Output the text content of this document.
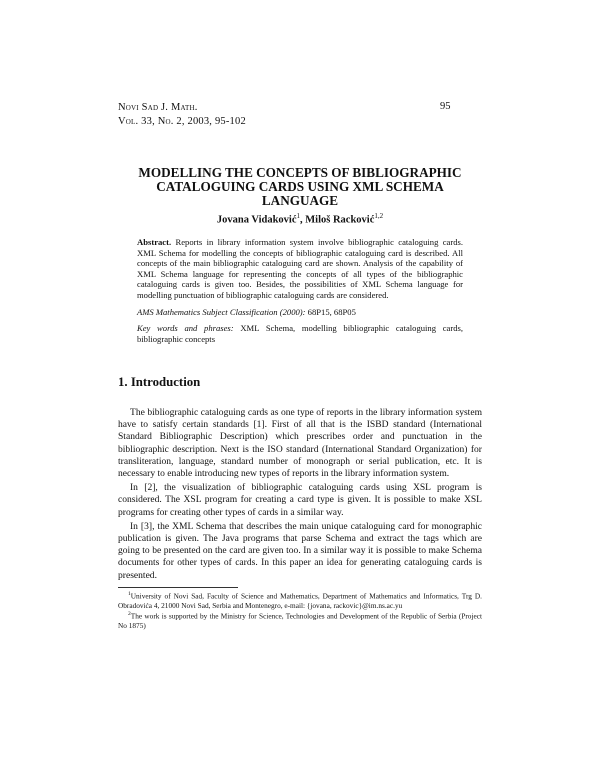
Novi Sad J. Math.
Vol. 33, No. 2, 2003, 95-102
95
MODELLING THE CONCEPTS OF BIBLIOGRAPHIC CATALOGUING CARDS USING XML SCHEMA LANGUAGE
Jovana Vidaković$^1$, Miloš Racković$^{1,2}$

Abstract. Reports in library information system involve bibliographic cataloguing cards. XML Schema for modelling the concepts of bibliographic cataloguing card is described. All concepts of the main bibliographic cataloguing card are shown. Analysis of the capability of XML Schema language for representing the concepts of all types of the bibliographic cataloguing cards is given too. Besides, the possibilities of XML Schema language for modelling punctuation of bibliographic cataloguing cards are considered.

AMS Mathematics Subject Classification (2000): 68P15, 68P05

Key words and phrases: XML Schema, modelling bibliographic cataloguing cards, bibliographic concepts

1. Introduction

The bibliographic cataloguing cards as one type of reports in the library information system have to satisfy certain standards [1]. First of all that is the ISBD standard (International Standard Bibliographic Description) which prescribes order and punctuation in the bibliographic description. Next is the ISO standard (International Standard Organization) for transliteration, language, standard number of monograph or serial publication, etc. It is necessary to enable introducing new types of reports in the library information system.

In [2], the visualization of bibliographic cataloguing cards using XSL program is considered. The XSL program for creating a card type is given. It is possible to make XSL programs for creating other types of cards in a similar way.

In [3], the XML Schema that describes the main unique cataloguing card for monographic publication is given. The Java programs that parse Schema and extract the tags which are going to be presented on the card are given too. In a similar way it is possible to make Schema documents for other types of cards. In this paper an idea for generating cataloguing cards is presented.

$^1$University of Novi Sad, Faculty of Science and Mathematics, Department of Mathematics and Informatics, Trg D. Obradovića 4, 21000 Novi Sad, Serbia and Montenegro, e-mail: {jovana, rackovic}@im.ns.ac.yu

$^2$The work is supported by the Ministry for Science, Technologies and Development of the Republic of Serbia (Project No 1875)
